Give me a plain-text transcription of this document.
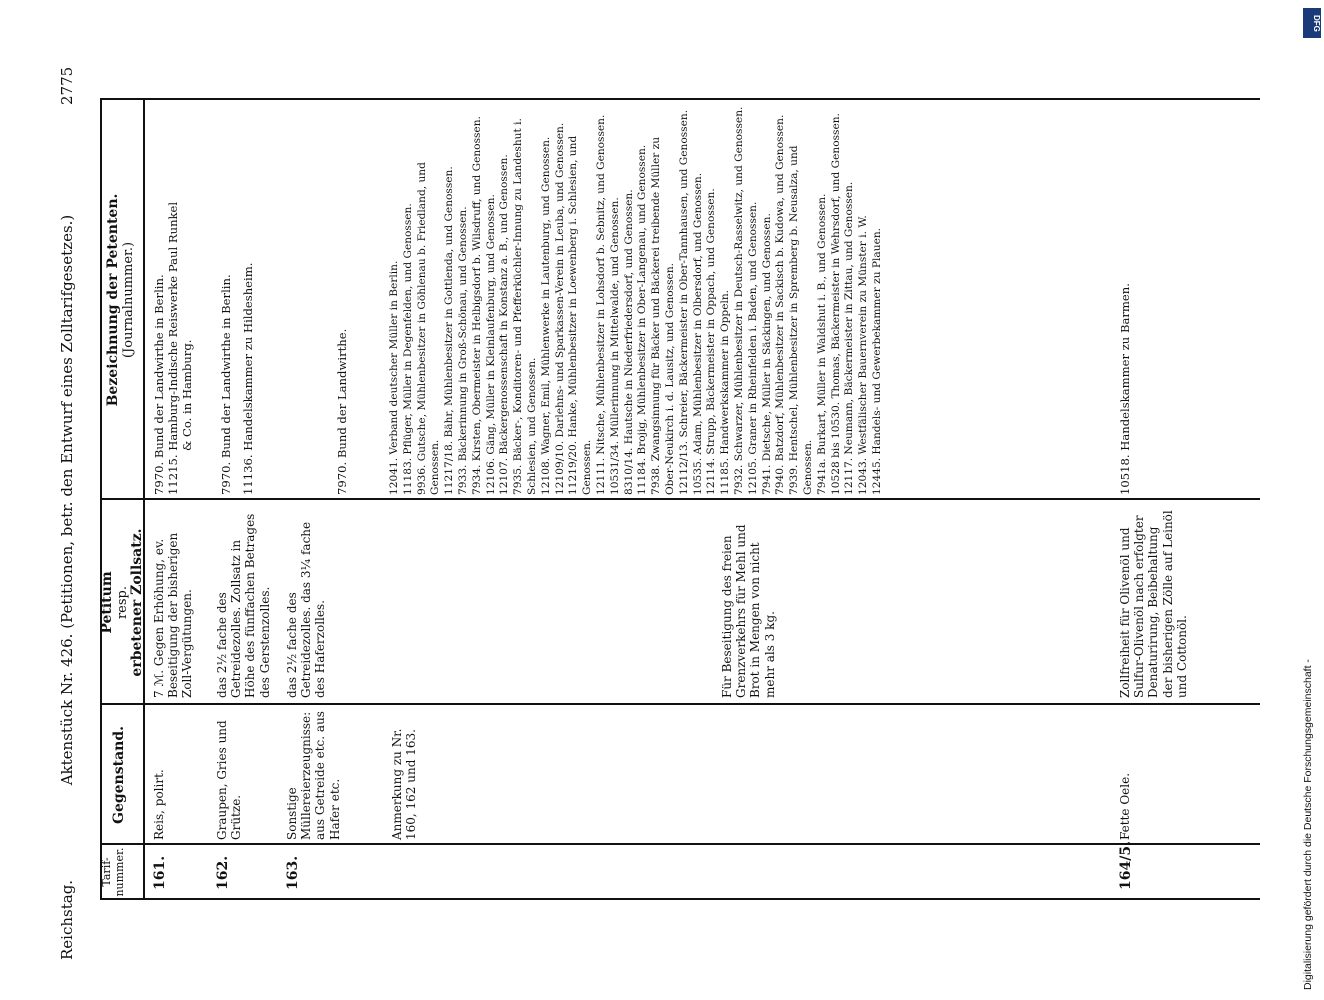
Reichstag.
Aktenstück Nr. 426. (Petitionen, betr. den Entwurf eines Zolltarifgesetzes.)
2775
Tarif-nummer.
Gegenstand.
Petitum
resp.
erbetener Zollsatz.
Bezeichnung der Petenten.
(Journalnummer.)
161.
Reis, polirt.
7 ℳ. Gegen Erhöhung, ev. Beseitigung der bisherigen Zoll-Vergütungen.
7970. Bund der Landwirthe in Berlin. 11215. Hamburg-Indische Reiswerke Paul Runkel & Co. in Hamburg.
162.
Graupen, Gries und Grütze.
das 2½ fache des Getreidezolles. Zollsatz in Höhe des fünffachen Betrages des Gerstenzolles.
7970. Bund der Landwirthe in Berlin. 11136. Handelskammer zu Hildesheim.
163.
Sonstige Müllereierzeugnisse: aus Getreide etc. aus Hafer etc.	Anmerkung zu Nr. 160, 162 und 163.
das 2½ fache des Getreidezolles. das 3¼ fache des Haferzolles.
7970. Bund der Landwirthe.
Für Beseitigung des freien Grenzverkehrs für Mehl und Brot in Mengen von nicht mehr als 3 kg.
12041. Verband deutscher Müller in Berlin. 11183. Pflüger, Müller in Degenfelden, und Genossen. 9936. Gutsche, Mühlenbesitzer in Göhlenau b. Friedland, und Genossen. 11217/18. Bähr, Mühlenbesitzer in Gottlenda, und Genossen. 7933. Bäckerinnung in Groß-Schönau, und Genossen. 7934. Kirsten, Obermeister in Helbigsdorf b. Wilsdruff, und Genossen. 12106. Gäng, Müller in Kleinlaufenburg, und Genossen. 12107. Bäckergenossenschaft in Konstanz a. B., und Genossen. 7935. Bäcker-, Konditoren- und Pfefferküchler-Innung zu Landeshut i. Schlesien, und Genossen. 12108. Wagner, Emil, Mühlenwerke in Lautenburg, und Genossen. 12109/10. Darlehns- und Sparkassen-Verein in Leuba, und Genossen. 11219/20. Hanke, Mühlenbesitzer in Loewenberg i. Schlesien, und Genossen. 12111. Nitsche, Mühlenbesitzer in Lohsdorf b. Sebnitz, und Genossen. 10531/34. Müllerinnung in Mittelwalde, und Genossen. 8310/14. Hautsche in Niederfriedersdorf, und Genossen. 11184. Brojig, Mühlenbesitzer in Ober-Langenau, und Genossen. 7938. Zwangsinnung für Bäcker und Bäckerei treibende Müller zu Ober-Neukirch i. d. Lausitz, und Genossen. 12112/13. Schreier, Bäckermeister in Ober-Tannhausen, und Genossen. 10535. Adam, Mühlenbesitzer in Olbersdorf, und Genossen. 12114. Strupp, Bäckermeister in Oppach, und Genossen. 11185. Handwerkskammer in Oppeln. 7932. Schwarzer, Mühlenbesitzer in Deutsch-Rasselwitz, und Genossen. 12105. Graner in Rheinfelden i. Baden, und Genossen. 7941. Dietsche, Müller in Säckingen, und Genossen. 7940. Batzdorf, Mühlenbesitzer in Sackisch b. Kudowa, und Genossen. 7939. Hentschel, Mühlenbesitzer in Spremberg b. Neusalza, und Genossen. 7941a. Burkart, Müller in Waldshut i. B., und Genossen. 10528 bis 10530. Thomas, Bäckermeister in Wehrsdorf, und Genossen. 12117. Neumann, Bäckermeister in Zittau, und Genossen. 12043. Westfälischer Bauernverein zu Münster i. W. 12445. Handels- und Gewerbekammer zu Plauen.
164/5.
Fette Oele.
Zollfreiheit für Olivenöl und Sulfur-Olivenöl nach erfolgter Denaturirung, Beibehaltung der bisherigen Zölle auf Leinöl und Cottonöl.
10518. Handelskammer zu Barmen.
Digitalisierung gefördert durch die Deutsche Forschungsgemeinschaft -
DFG
